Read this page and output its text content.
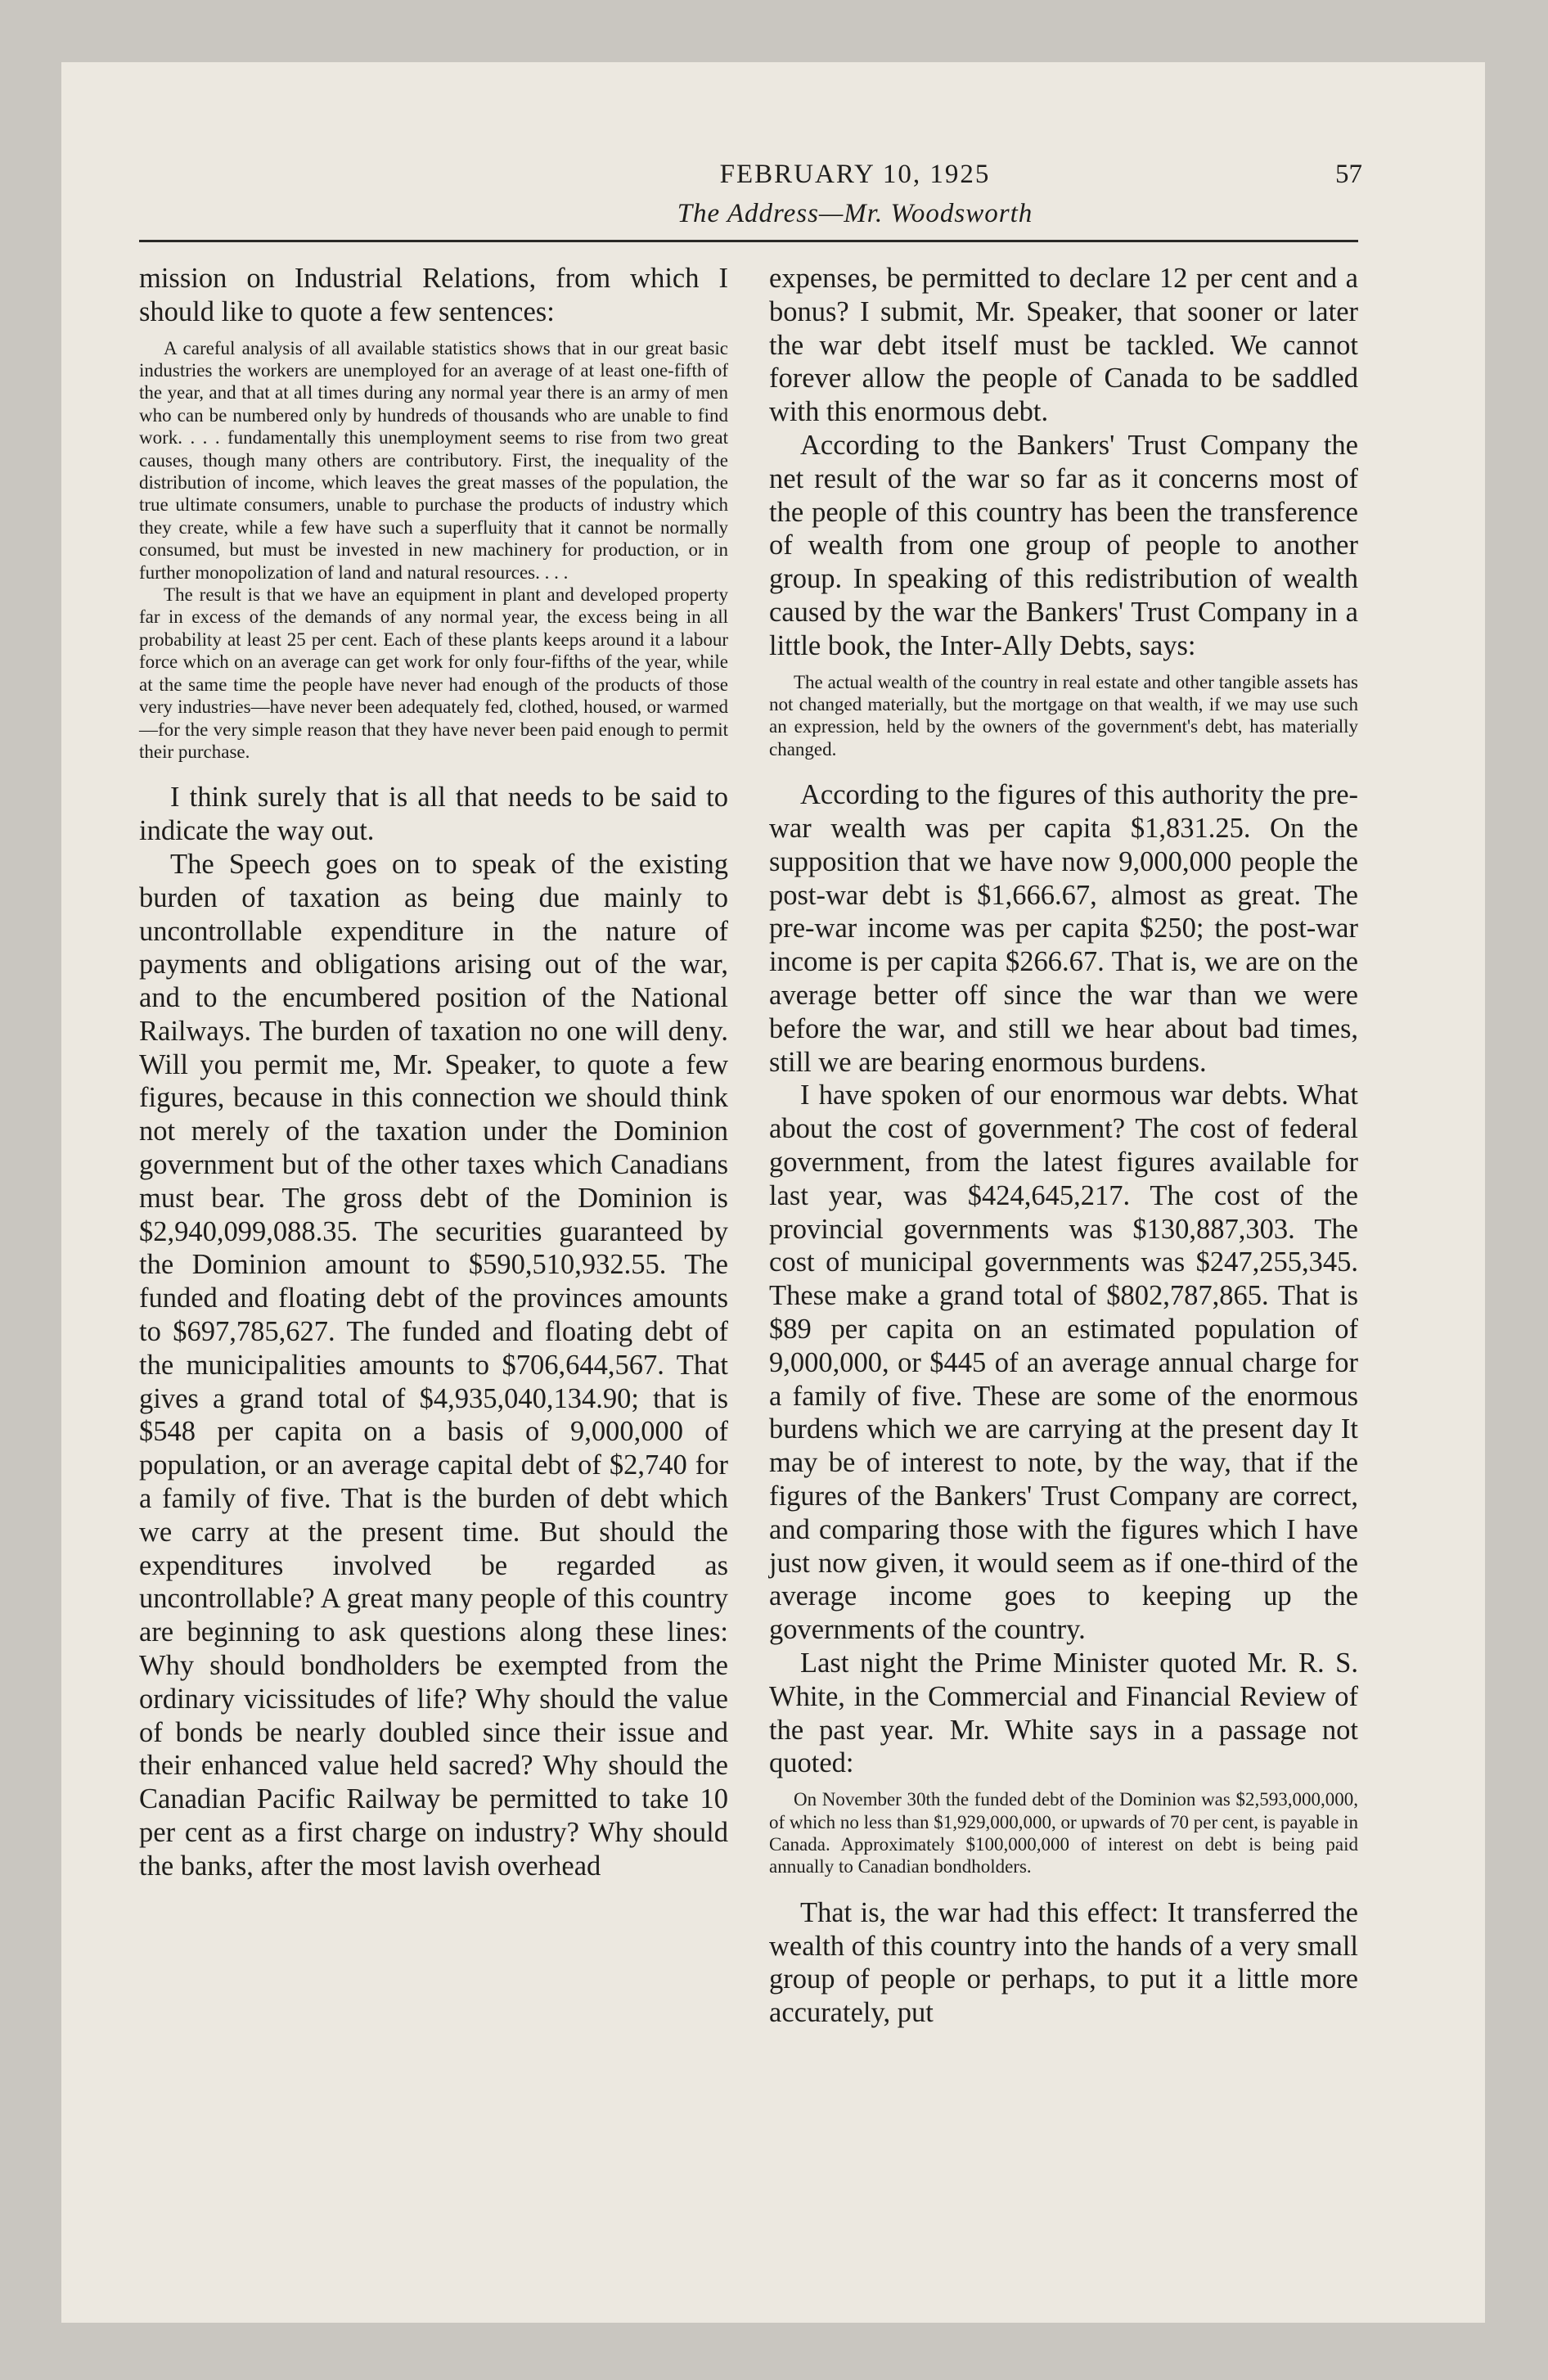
FEBRUARY 10, 1925	57
The Address—Mr. Woodsworth

mission on Industrial Relations, from which I should like to quote a few sentences:

A careful analysis of all available statistics shows that in our great basic industries the workers are unemployed for an average of at least one-fifth of the year, and that at all times during any normal year there is an army of men who can be numbered only by hundreds of thousands who are unable to find work. . . . fundamentally this unemployment seems to rise from two great causes, though many others are contributory. First, the inequality of the distribution of income, which leaves the great masses of the population, the true ultimate consumers, unable to purchase the products of industry which they create, while a few have such a superfluity that it cannot be normally consumed, but must be invested in new machinery for production, or in further monopolization of land and natural resources. . . .

The result is that we have an equipment in plant and developed property far in excess of the demands of any normal year, the excess being in all probability at least 25 per cent. Each of these plants keeps around it a labour force which on an average can get work for only four-fifths of the year, while at the same time the people have never had enough of the products of those very industries—have never been adequately fed, clothed, housed, or warmed—for the very simple reason that they have never been paid enough to permit their purchase.

I think surely that is all that needs to be said to indicate the way out.

The Speech goes on to speak of the existing burden of taxation as being due mainly to uncontrollable expenditure in the nature of payments and obligations arising out of the war, and to the encumbered position of the National Railways. The burden of taxation no one will deny. Will you permit me, Mr. Speaker, to quote a few figures, because in this connection we should think not merely of the taxation under the Dominion government but of the other taxes which Canadians must bear. The gross debt of the Dominion is $2,940,099,088.35. The securities guaranteed by the Dominion amount to $590,510,932.55. The funded and floating debt of the provinces amounts to $697,785,627. The funded and floating debt of the municipalities amounts to $706,644,567. That gives a grand total of $4,935,040,134.90; that is $548 per capita on a basis of 9,000,000 of population, or an average capital debt of $2,740 for a family of five. That is the burden of debt which we carry at the present time. But should the expenditures involved be regarded as uncontrollable? A great many people of this country are beginning to ask questions along these lines: Why should bondholders be exempted from the ordinary vicissitudes of life? Why should the value of bonds be nearly doubled since their issue and their enhanced value held sacred? Why should the Canadian Pacific Railway be permitted to take 10 per cent as a first charge on industry? Why should the banks, after the most lavish overhead

expenses, be permitted to declare 12 per cent and a bonus? I submit, Mr. Speaker, that sooner or later the war debt itself must be tackled. We cannot forever allow the people of Canada to be saddled with this enormous debt.

According to the Bankers' Trust Company the net result of the war so far as it concerns most of the people of this country has been the transference of wealth from one group of people to another group. In speaking of this redistribution of wealth caused by the war the Bankers' Trust Company in a little book, the Inter-Ally Debts, says:

The actual wealth of the country in real estate and other tangible assets has not changed materially, but the mortgage on that wealth, if we may use such an expression, held by the owners of the government's debt, has materially changed.

According to the figures of this authority the pre-war wealth was per capita $1,831.25. On the supposition that we have now 9,000,000 people the post-war debt is $1,666.67, almost as great. The pre-war income was per capita $250; the post-war income is per capita $266.67. That is, we are on the average better off since the war than we were before the war, and still we hear about bad times, still we are bearing enormous burdens.

I have spoken of our enormous war debts. What about the cost of government? The cost of federal government, from the latest figures available for last year, was $424,645,217. The cost of the provincial governments was $130,887,303. The cost of municipal governments was $247,255,345. These make a grand total of $802,787,865. That is $89 per capita on an estimated population of 9,000,000, or $445 of an average annual charge for a family of five. These are some of the enormous burdens which we are carrying at the present day It may be of interest to note, by the way, that if the figures of the Bankers' Trust Company are correct, and comparing those with the figures which I have just now given, it would seem as if one-third of the average income goes to keeping up the governments of the country.

Last night the Prime Minister quoted Mr. R. S. White, in the Commercial and Financial Review of the past year. Mr. White says in a passage not quoted:

On November 30th the funded debt of the Dominion was $2,593,000,000, of which no less than $1,929,000,000, or upwards of 70 per cent, is payable in Canada. Approximately $100,000,000 of interest on debt is being paid annually to Canadian bondholders.

That is, the war had this effect: It transferred the wealth of this country into the hands of a very small group of people or perhaps, to put it a little more accurately, put
